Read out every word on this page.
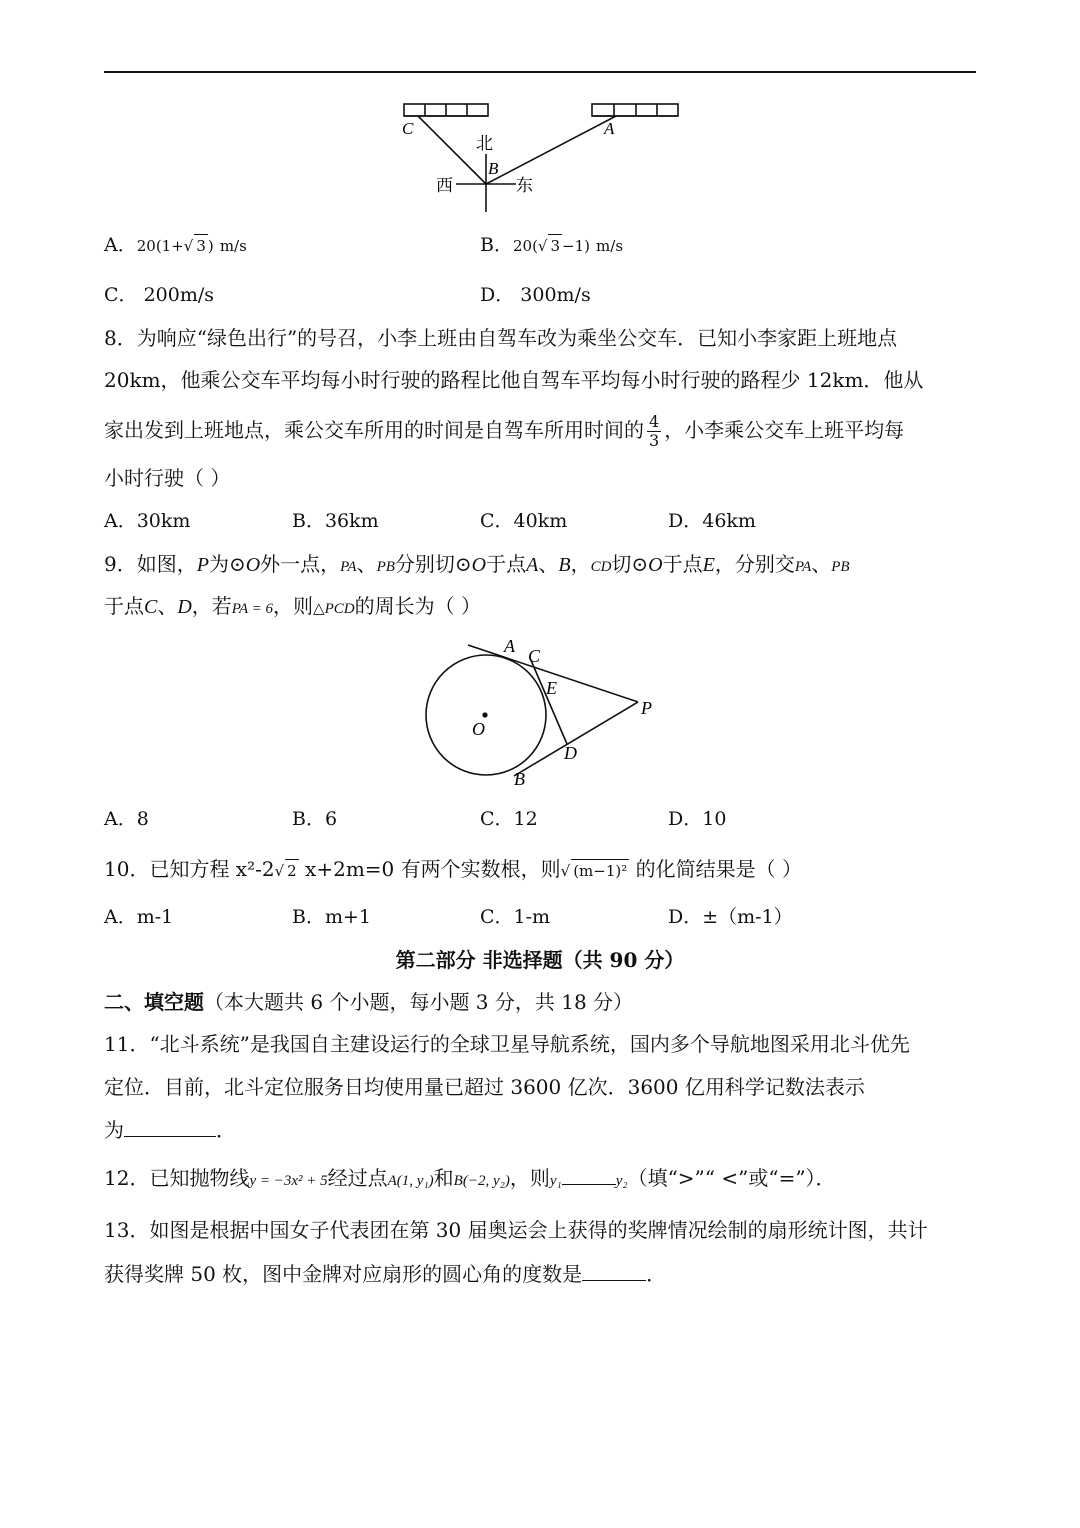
C	A
北
B
西	东
A．20(1+√ 3 ) m/s	B．20(√ 3 −1) m/s
C． 200m/s	D． 300m/s
8．为响应“绿色出行”的号召，小李上班由自驾车改为乘坐公交车．已知小李家距上班地点
20km，他乘公交车平均每小时行驶的路程比他自驾车平均每小时行驶的路程少 12km．他从
家出发到上班地点，乘公交车所用的时间是自驾车所用时间的 $\frac{4}{3}$ ，小李乘公交车上班平均每
小时行驶（ ）
A．30km	B．36km	C．40km	D．46km
9．如图，P为⊙O外一点，PA、PB分别切⊙O于点A、B，CD切⊙O于点E，分别交PA、PB
于点C、D，若PA = 6，则△PCD的周长为（ ）
A C
E
P
O
D
B
A．8	B．6	C．12	D．10
10．已知方程 x²-2√ 2 x+2m=0 有两个实数根，则√ (m−1)² 的化简结果是（ ）
A．m-1	B．m+1	C．1-m	D．±（m-1）
第二部分 非选择题（共 90 分）
二、填空题（本大题共 6 个小题，每小题 3 分，共 18 分）
11．“北斗系统”是我国自主建设运行的全球卫星导航系统，国内多个导航地图采用北斗优先
定位．目前，北斗定位服务日均使用量已超过 3600 亿次．3600 亿用科学记数法表示
为	．
12．已知抛物线y = −3x² + 5经过点A(1, y₁)和B(−2, y₂)，则y₁	y₂（填“>”“ <”或“=”）．
13．如图是根据中国女子代表团在第 30 届奥运会上获得的奖牌情况绘制的扇形统计图，共计
获得奖牌 50 枚，图中金牌对应扇形的圆心角的度数是	．
